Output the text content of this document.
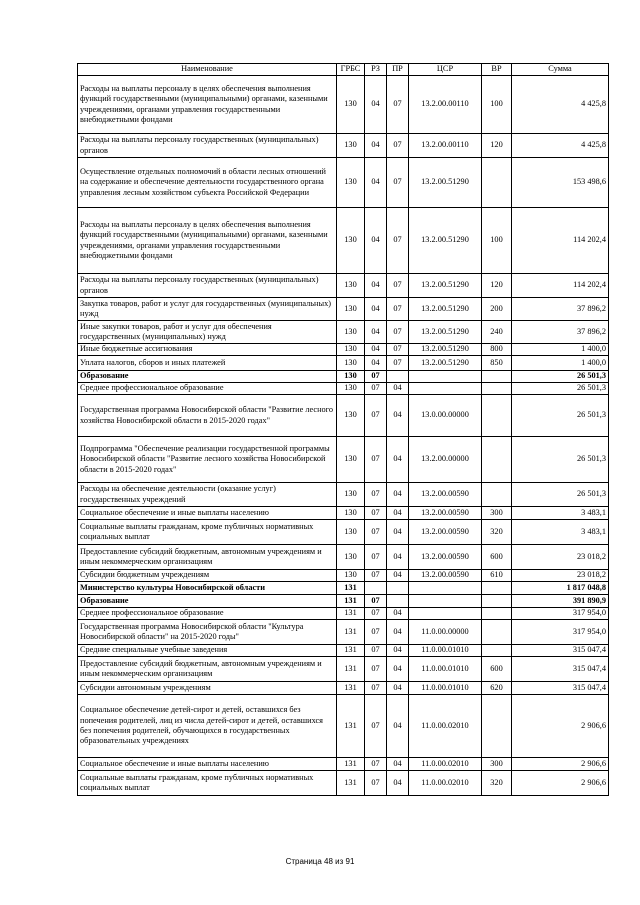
Наименование	ГРБС	РЗ	ПР	ЦСР	ВР	Сумма
Расходы на выплаты персоналу в целях обеспечения выполнения функций государственными (муниципальными) органами, казенными учреждениями, органами управления государственными внебюджетными фондами	130	04	07	13.2.00.00110	100	4 425,8
Расходы на выплаты персоналу государственных (муниципальных) органов	130	04	07	13.2.00.00110	120	4 425,8
Осуществление отдельных полномочий в области лесных отношений на содержание и обеспечение деятельности государственного органа управления лесным хозяйством субъекта Российской Федерации	130	04	07	13.2.00.51290		153 498,6
Расходы на выплаты персоналу в целях обеспечения выполнения функций государственными (муниципальными) органами, казенными учреждениями, органами управления государственными внебюджетными фондами	130	04	07	13.2.00.51290	100	114 202,4
Расходы на выплаты персоналу государственных (муниципальных) органов	130	04	07	13.2.00.51290	120	114 202,4
Закупка товаров, работ и услуг для государственных (муниципальных) нужд	130	04	07	13.2.00.51290	200	37 896,2
Иные закупки товаров, работ и услуг для обеспечения государственных (муниципальных) нужд	130	04	07	13.2.00.51290	240	37 896,2
Иные бюджетные ассигнования	130	04	07	13.2.00.51290	800	1 400,0
Уплата налогов, сборов и иных платежей	130	04	07	13.2.00.51290	850	1 400,0
Образование	130	07				26 501,3
Среднее профессиональное образование	130	07	04			26 501,3
Государственная программа Новосибирской области "Развитие лесного хозяйства Новосибирской области в 2015-2020 годах"	130	07	04	13.0.00.00000		26 501,3
Подпрограмма "Обеспечение реализации государственной программы Новосибирской области "Развитие лесного хозяйства Новосибирской области в 2015-2020 годах"	130	07	04	13.2.00.00000		26 501,3
Расходы на обеспечение деятельности (оказание услуг) государственных учреждений	130	07	04	13.2.00.00590		26 501,3
Социальное обеспечение и иные выплаты населению	130	07	04	13.2.00.00590	300	3 483,1
Социальные выплаты гражданам, кроме публичных нормативных социальных выплат	130	07	04	13.2.00.00590	320	3 483,1
Предоставление субсидий бюджетным, автономным учреждениям и иным некоммерческим организациям	130	07	04	13.2.00.00590	600	23 018,2
Субсидии бюджетным учреждениям	130	07	04	13.2.00.00590	610	23 018,2
Министерство культуры Новосибирской области	131					1 817 048,8
Образование	131	07				391 890,9
Среднее профессиональное образование	131	07	04			317 954,0
Государственная программа Новосибирской области "Культура Новосибирской области" на 2015-2020 годы"	131	07	04	11.0.00.00000		317 954,0
Средние специальные учебные заведения	131	07	04	11.0.00.01010		315 047,4
Предоставление субсидий бюджетным, автономным учреждениям и иным некоммерческим организациям	131	07	04	11.0.00.01010	600	315 047,4
Субсидии автономным учреждениям	131	07	04	11.0.00.01010	620	315 047,4
Социальное обеспечение детей-сирот и детей, оставшихся без попечения родителей, лиц из числа детей-сирот и детей, оставшихся без попечения родителей, обучающихся в государственных образовательных учреждениях	131	07	04	11.0.00.02010		2 906,6
Социальное обеспечение и иные выплаты населению	131	07	04	11.0.00.02010	300	2 906,6
Социальные выплаты гражданам, кроме публичных нормативных социальных выплат	131	07	04	11.0.00.02010	320	2 906,6
Страница 48 из 91
